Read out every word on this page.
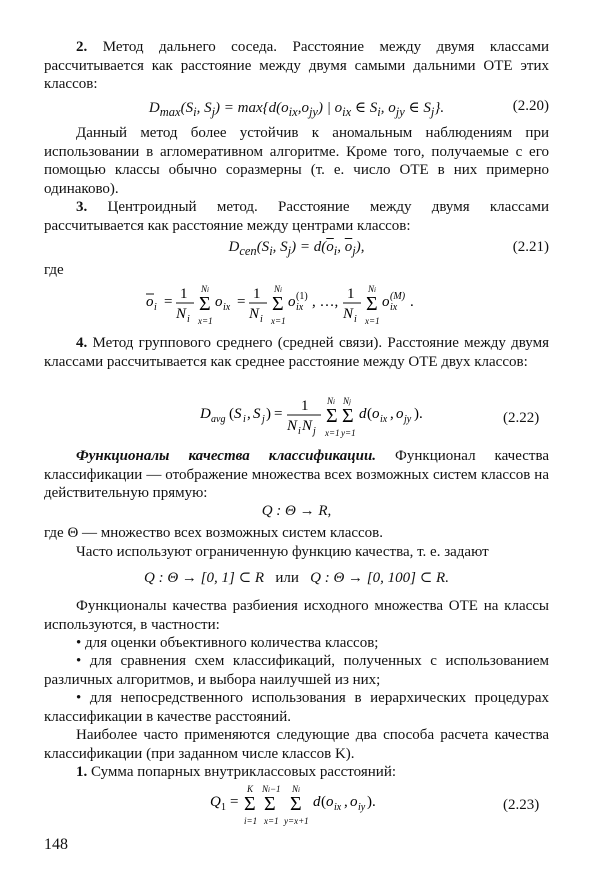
2. Метод дальнего соседа. Расстояние между двумя классами рассчитывается как расстояние между двумя самыми дальними ОТЕ этих классов:
$D_{max}(S_i$, $S_j) = \max\{d(o_{ix},o_{jy})$ | $o_{ix}$ ∈ $S_i$, $o_{jy}$ ∈ $S_j$}.	(2.20)
Данный метод более устойчив к аномальным наблюдениям при использовании в агломеративном алгоритме. Кроме того, получаемые с его помощью классы обычно соразмерны (т. е. число ОТЕ в них примерно одинаково).
3. Центроидный метод. Расстояние между двумя классами рассчитывается как расстояние между центрами классов:
$D_{cen}(S_i$, $S_j) = d(\overline{o}_i$, $\overline{o}_j$),	(2.21)
где
o i = 1
N i
Σ
Ni
x=1
o ix = 1
N i
Σ
Ni
x=1
o ix
(1) , …, 1
N i
Σ
Ni
x=1
o ix
(M) .
4. Метод группового среднего (средней связи). Расстояние между двумя классами рассчитывается как среднее расстояние между ОТЕ двух классов:
D avg ( S i , S j ) = 1
N i N j
Σ
Ni
x=1
Σ
Nj
y=1
d ( o ix , o jy ).	(2.22)
Функционалы качества классификации. Функционал качества классификации — отображение множества всех возможных систем классов на действительную прямую:
Q : Θ → R,
где Θ — множество всех возможных систем классов.
Часто используют ограниченную функцию качества, т. е. задают
Q : Θ → [0, 1] ⊂ R   или   Q : Θ → [0, 100] ⊂ R.
Функционалы качества разбиения исходного множества ОТЕ на классы используются, в частности:
• для оценки объективного количества классов;
• для сравнения схем классификаций, полученных с использованием различных алгоритмов, и выбора наилучшей из них;
• для непосредственного использования в иерархических процедурах классификации в качестве расстояний.
Наиболее часто применяются следующие два способа расчета качества классификации (при заданном числе классов K).
1. Сумма попарных внутриклассовых расстояний:
Q 1 = Σ
K
i=1
Σ
Ni−1
x=1
Σ
Ni
y=x+1
d ( o ix , o iy ).	(2.23)
148
